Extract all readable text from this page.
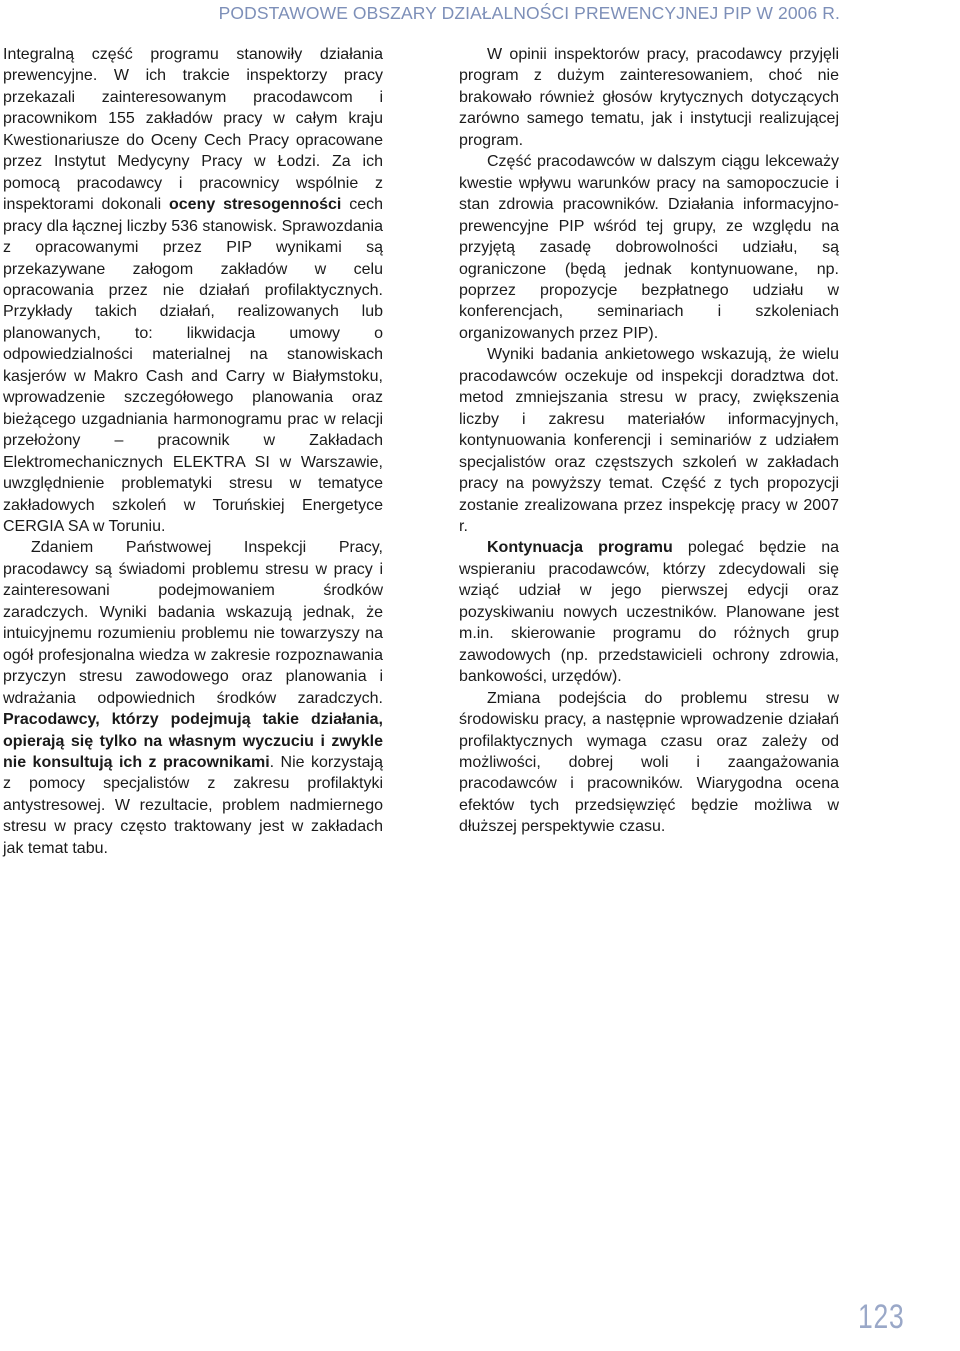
PODSTAWOWE OBSZARY DZIAŁALNOŚCI PREWENCYJNEJ PIP W 2006 R.

Integralną część programu stanowiły działania prewencyjne. W ich trakcie inspektorzy pracy przekazali zainteresowanym pracodawcom i pracownikom 155 zakładów pracy w całym kraju Kwestionariusze do Oceny Cech Pracy opracowane przez Instytut Medycyny Pracy w Łodzi. Za ich pomocą pracodawcy i pracownicy wspólnie z inspektorami dokonali oceny stresogenności cech pracy dla łącznej liczby 536 stanowisk. Sprawozdania z opracowanymi przez PIP wynikami są przekazywane załogom zakładów w celu opracowania przez nie działań profilaktycznych. Przykłady takich działań, realizowanych lub planowanych, to: likwidacja umowy o odpowiedzialności materialnej na stanowiskach kasjerów w Makro Cash and Carry w Białymstoku, wprowadzenie szczegółowego planowania oraz bieżącego uzgadniania harmonogramu prac w relacji przełożony – pracownik w Zakładach Elektromechanicznych ELEKTRA SI w Warszawie, uwzględnienie problematyki stresu w tematyce zakładowych szkoleń w Toruńskiej Energetyce CERGIA SA w Toruniu.

Zdaniem Państwowej Inspekcji Pracy, pracodawcy są świadomi problemu stresu w pracy i zainteresowani podejmowaniem środków zaradczych. Wyniki badania wskazują jednak, że intuicyjnemu rozumieniu problemu nie towarzyszy na ogół profesjonalna wiedza w zakresie rozpoznawania przyczyn stresu zawodowego oraz planowania i wdrażania odpowiednich środków zaradczych. Pracodawcy, którzy podejmują takie działania, opierają się tylko na własnym wyczuciu i zwykle nie konsultują ich z pracownikami. Nie korzystają z pomocy specjalistów z zakresu profilaktyki antystresowej. W rezultacie, problem nadmiernego stresu w pracy często traktowany jest w zakładach jak temat tabu.

W opinii inspektorów pracy, pracodawcy przyjęli program z dużym zainteresowaniem, choć nie brakowało również głosów krytycznych dotyczących zarówno samego tematu, jak i instytucji realizującej program.

Część pracodawców w dalszym ciągu lekceważy kwestie wpływu warunków pracy na samopoczucie i stan zdrowia pracowników. Działania informacyjno-prewencyjne PIP wśród tej grupy, ze względu na przyjętą zasadę dobrowolności udziału, są ograniczone (będą jednak kontynuowane, np. poprzez propozycje bezpłatnego udziału w konferencjach, seminariach i szkoleniach organizowanych przez PIP).

Wyniki badania ankietowego wskazują, że wielu pracodawców oczekuje od inspekcji doradztwa dot. metod zmniejszania stresu w pracy, zwiększenia liczby i zakresu materiałów informacyjnych, kontynuowania konferencji i seminariów z udziałem specjalistów oraz częstszych szkoleń w zakładach pracy na powyższy temat. Część z tych propozycji zostanie zrealizowana przez inspekcję pracy w 2007 r.

Kontynuacja programu polegać będzie na wspieraniu pracodawców, którzy zdecydowali się wziąć udział w jego pierwszej edycji oraz pozyskiwaniu nowych uczestników. Planowane jest m.in. skierowanie programu do różnych grup zawodowych (np. przedstawicieli ochrony zdrowia, bankowości, urzędów).

Zmiana podejścia do problemu stresu w środowisku pracy, a następnie wprowadzenie działań profilaktycznych wymaga czasu oraz zależy od możliwości, dobrej woli i zaangażowania pracodawców i pracowników. Wiarygodna ocena efektów tych przedsięwzięć będzie możliwa w dłuższej perspektywie czasu.

123
